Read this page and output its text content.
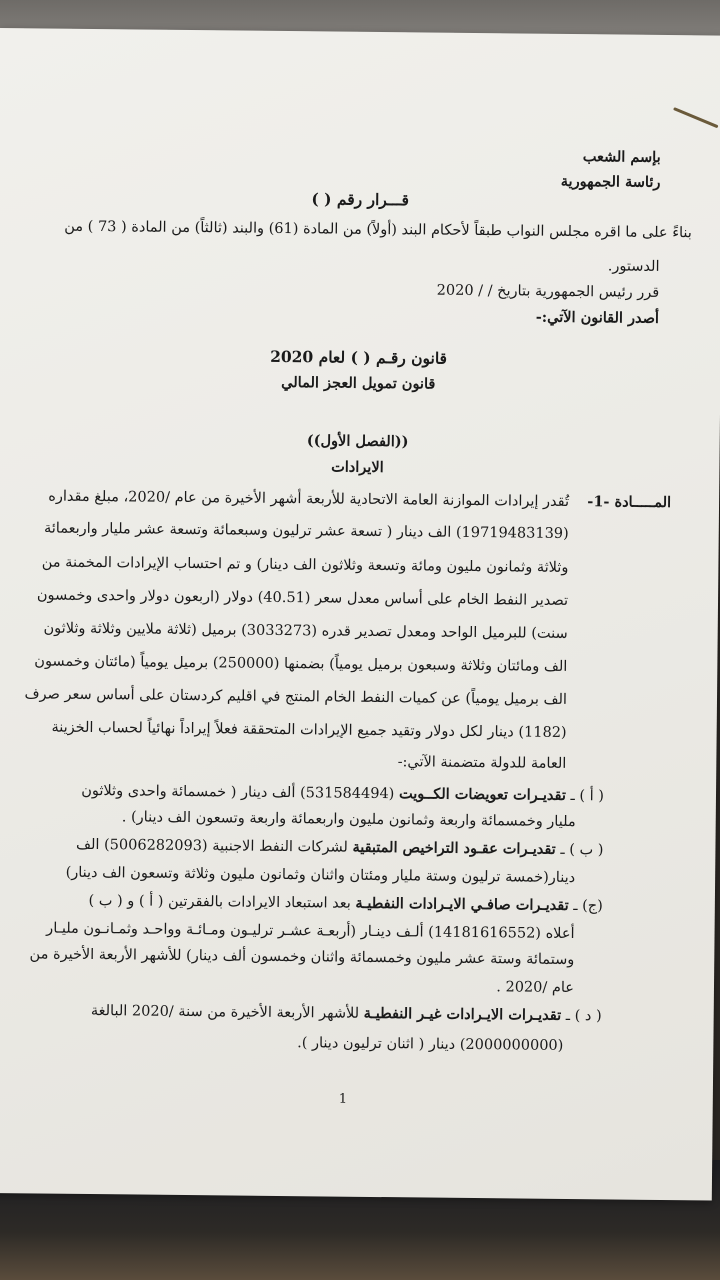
بإسم الشعب
رئاسة الجمهورية
قـــرار رقم ( )
بناءً على ما اقره مجلس النواب طبقاً لأحكام البند (أولاً) من المادة (61) والبند (ثالثاً) من المادة ( 73 ) من
الدستور.
قرر رئيس الجمهورية بتاريخ / / 2020
أصدر القانون الآتي:-
قانون رقـم ( ) لعام 2020
قانون تمويل العجز المالي
((الفصل الأول))
الايرادات
المـــــادة -1-
تُقدر إيرادات الموازنة العامة الاتحادية للأربعة أشهر الأخيرة من عام /2020، مبلغ مقداره
(19719483139) الف دينار ( تسعة عشر ترليون وسبعمائة وتسعة عشر مليار واربعمائة
وثلاثة وثمانون مليون ومائة وتسعة وثلاثون الف دينار) و تم احتساب الإيرادات المخمنة من
تصدير النفط الخام على أساس معدل سعر (40.51) دولار (اربعون دولار واحدى وخمسون
سنت) للبرميل الواحد ومعدل تصدير قدره (3033273) برميل (ثلاثة ملايين وثلاثة وثلاثون
الف ومائتان وثلاثة وسبعون برميل يومياً) بضمنها (250000) برميل يومياً (مائتان وخمسون
الف برميل يومياً) عن كميات النفط الخام المنتج في اقليم كردستان على أساس سعر صرف
(1182) دينار لكل دولار وتقيد جميع الإيرادات المتحققة فعلاً إيراداً نهائياً لحساب الخزينة
العامة للدولة متضمنة الآتي:-
( أ ) ـ تقديـرات تعويضات الكــويت (531584494) ألف دينار ( خمسمائة واحدى وثلاثون
مليار وخمسمائة واربعة وثمانون مليون واربعمائة واربعة وتسعون الف دينار) .
( ب ) ـ تقديـرات عقـود التراخيص المتبقية لشركات النفط الاجنبية (5006282093) الف
دينار(خمسة ترليون وستة مليار ومئتان واثنان وثمانون مليون وثلاثة وتسعون الف دينار)
(ج) ـ تقديـرات صافـي الايـرادات النفطيـة بعد استبعاد الايرادات بالفقرتين ( أ ) و ( ب )
أعلاه (14181616552) ألـف دينـار (أربعـة عشـر ترليـون ومـائـة وواحـد وثمـانـون مليـار
وستمائة وستة عشر مليون وخمسمائة واثنان وخمسون ألف دينار) للأشهر الأربعة الأخيرة من
عام /2020 .
( د ) ـ تقديـرات الايـرادات غيـر النفطيـة للأشهر الأربعة الأخيرة من سنة /2020 البالغة
(2000000000) دينار ( اثنان ترليون دينار ).
1
